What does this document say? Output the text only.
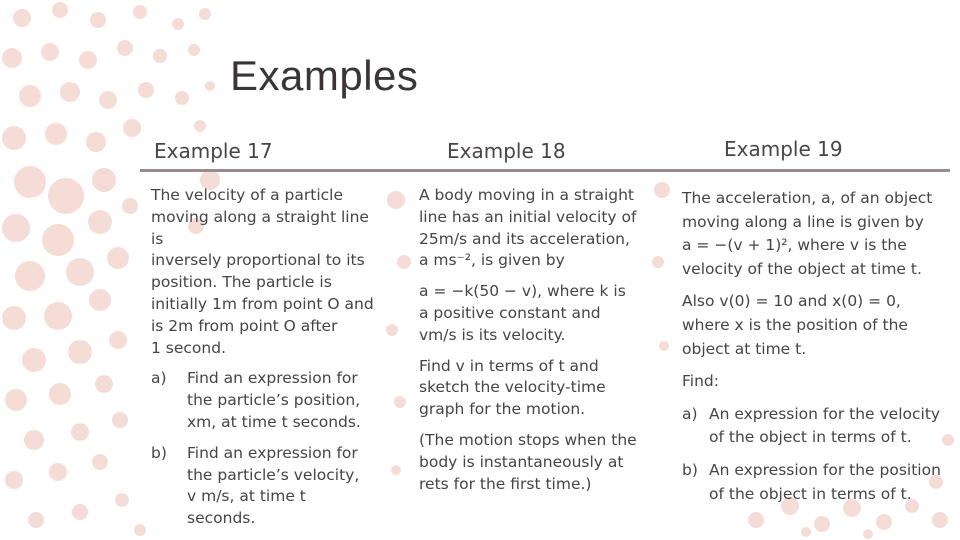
Examples
Example 17	Example 18	Example 19

The velocity of a particle
moving along a straight line is
inversely proportional to its
position. The particle is
initially 1m from point O and
is 2m from point O after
1 second.

a)	Find an expression for
the particle’s position,
xm, at time t seconds.
b)	Find an expression for
the particle’s velocity,
v m/s, at time t
seconds.

A body moving in a straight
line has an initial velocity of
25m/s and its acceleration,
a ms⁻², is given by

a = −k(50 − v), where k is
a positive constant and
vm/s is its velocity.

Find v in terms of t and
sketch the velocity-time
graph for the motion.

(The motion stops when the
body is instantaneously at
rets for the first time.)

The acceleration, a, of an object
moving along a line is given by
a = −(v + 1)², where v is the
velocity of the object at time t.

Also v(0) = 10 and x(0) = 0,
where x is the position of the
object at time t.

Find:

a) An expression for the velocity
of the object in terms of t.
b) An expression for the position
of the object in terms of t.
